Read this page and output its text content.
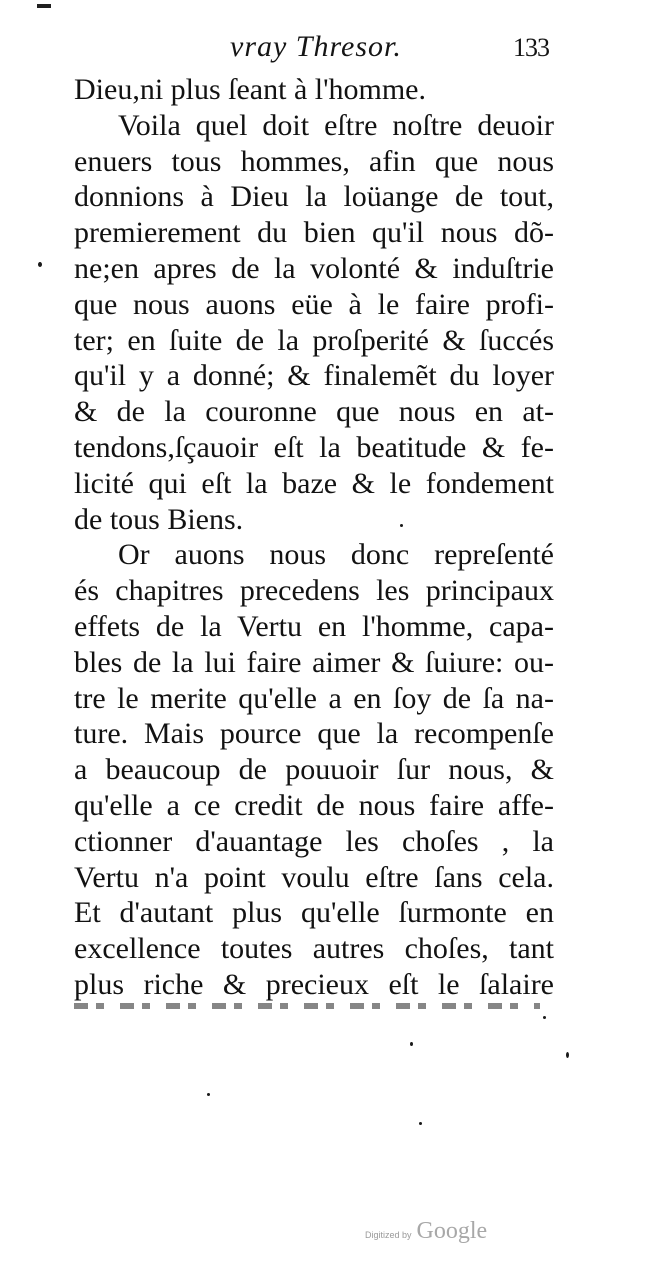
vray Thresor.	133
Dieu,ni plus ſeant à l'homme.
Voila quel doit eſtre noſtre deuoir
enuers tous hommes, afin que nous
donnions à Dieu la loüange de tout,
premierement du bien qu'il nous dõ-
ne;en apres de la volonté & induſtrie
que nous auons eüe à le faire profi-
ter; en ſuite de la proſperité & ſuccés
qu'il y a donné; & finalemẽt du loyer
& de la couronne que nous en at-
tendons,ſçauoir eſt la beatitude & fe-
licité qui eſt la baze & le fondement
de tous Biens.
Or auons nous donc repreſenté
és chapitres precedens les principaux
effets de la Vertu en l'homme, capa-
bles de la lui faire aimer & ſuiure: ou-
tre le merite qu'elle a en ſoy de ſa na-
ture. Mais pource que la recompenſe
a beaucoup de pouuoir ſur nous, &
qu'elle a ce credit de nous faire affe-
ctionner d'auantage les choſes , la
Vertu n'a point voulu eſtre ſans cela.
Et d'autant plus qu'elle ſurmonte en
excellence toutes autres choſes, tant
plus riche & precieux eſt le ſalaire
Digitized by Google
